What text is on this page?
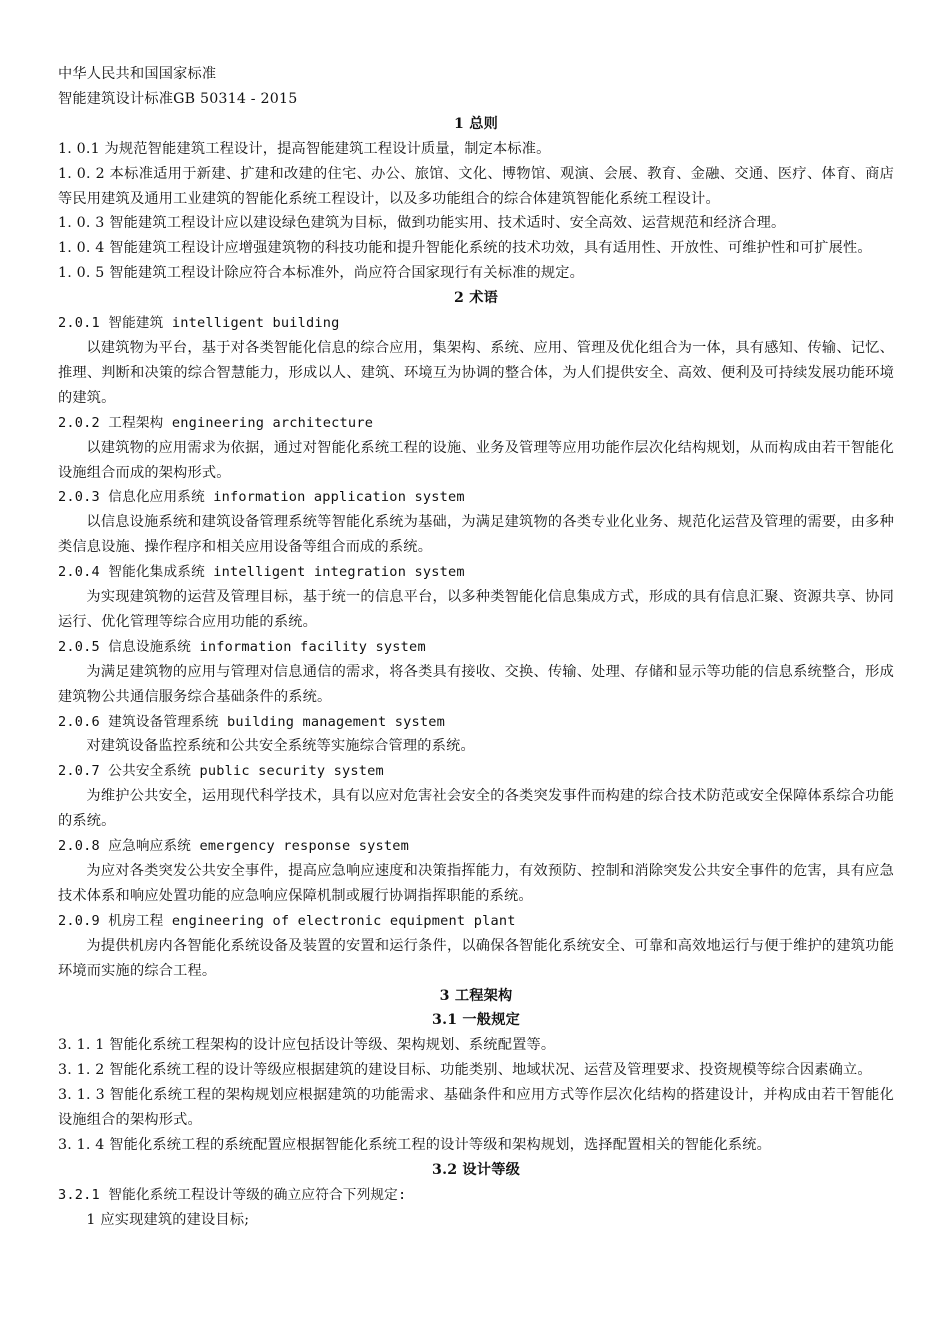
中华人民共和国国家标准
智能建筑设计标准GB 50314 - 2015
1 总则
1. 0.1 为规范智能建筑工程设计，提高智能建筑工程设计质量，制定本标准。
1. 0. 2 本标准适用于新建、扩建和改建的住宅、办公、旅馆、文化、博物馆、观演、会展、教育、金融、交通、医疗、体育、商店等民用建筑及通用工业建筑的智能化系统工程设计，以及多功能组合的综合体建筑智能化系统工程设计。
1. 0. 3 智能建筑工程设计应以建设绿色建筑为目标，做到功能实用、技术适时、安全高效、运营规范和经济合理。
1. 0. 4 智能建筑工程设计应增强建筑物的科技功能和提升智能化系统的技术功效，具有适用性、开放性、可维护性和可扩展性。
1. 0. 5 智能建筑工程设计除应符合本标准外，尚应符合国家现行有关标准的规定。
2 术语
2.0.1 智能建筑 intelligent building
以建筑物为平台，基于对各类智能化信息的综合应用，集架构、系统、应用、管理及优化组合为一体，具有感知、传输、记忆、推理、判断和决策的综合智慧能力，形成以人、建筑、环境互为协调的整合体，为人们提供安全、高效、便利及可持续发展功能环境的建筑。
2.0.2 工程架构 engineering architecture
以建筑物的应用需求为依据，通过对智能化系统工程的设施、业务及管理等应用功能作层次化结构规划，从而构成由若干智能化设施组合而成的架构形式。
2.0.3 信息化应用系统 information application system
以信息设施系统和建筑设备管理系统等智能化系统为基础，为满足建筑物的各类专业化业务、规范化运营及管理的需要，由多种类信息设施、操作程序和相关应用设备等组合而成的系统。
2.0.4 智能化集成系统 intelligent integration system
为实现建筑物的运营及管理目标，基于统一的信息平台，以多种类智能化信息集成方式，形成的具有信息汇聚、资源共享、协同运行、优化管理等综合应用功能的系统。
2.0.5 信息设施系统 information facility system
为满足建筑物的应用与管理对信息通信的需求，将各类具有接收、交换、传输、处理、存储和显示等功能的信息系统整合，形成建筑物公共通信服务综合基础条件的系统。
2.0.6 建筑设备管理系统 building management system
对建筑设备监控系统和公共安全系统等实施综合管理的系统。
2.0.7 公共安全系统 public security system
为维护公共安全，运用现代科学技术，具有以应对危害社会安全的各类突发事件而构建的综合技术防范或安全保障体系综合功能的系统。
2.0.8 应急响应系统 emergency response system
为应对各类突发公共安全事件，提高应急响应速度和决策指挥能力，有效预防、控制和消除突发公共安全事件的危害，具有应急技术体系和响应处置功能的应急响应保障机制或履行协调指挥职能的系统。
2.0.9 机房工程 engineering of electronic equipment plant
为提供机房内各智能化系统设备及装置的安置和运行条件，以确保各智能化系统安全、可靠和高效地运行与便于维护的建筑功能环境而实施的综合工程。
3 工程架构
3.1 一般规定
3. 1. 1 智能化系统工程架构的设计应包括设计等级、架构规划、系统配置等。
3. 1. 2 智能化系统工程的设计等级应根据建筑的建设目标、功能类别、地域状况、运营及管理要求、投资规模等综合因素确立。
3. 1. 3 智能化系统工程的架构规划应根据建筑的功能需求、基础条件和应用方式等作层次化结构的搭建设计，并构成由若干智能化设施组合的架构形式。
3. 1. 4 智能化系统工程的系统配置应根据智能化系统工程的设计等级和架构规划，选择配置相关的智能化系统。
3.2 设计等级
3.2.1 智能化系统工程设计等级的确立应符合下列规定:
1 应实现建筑的建设目标;
